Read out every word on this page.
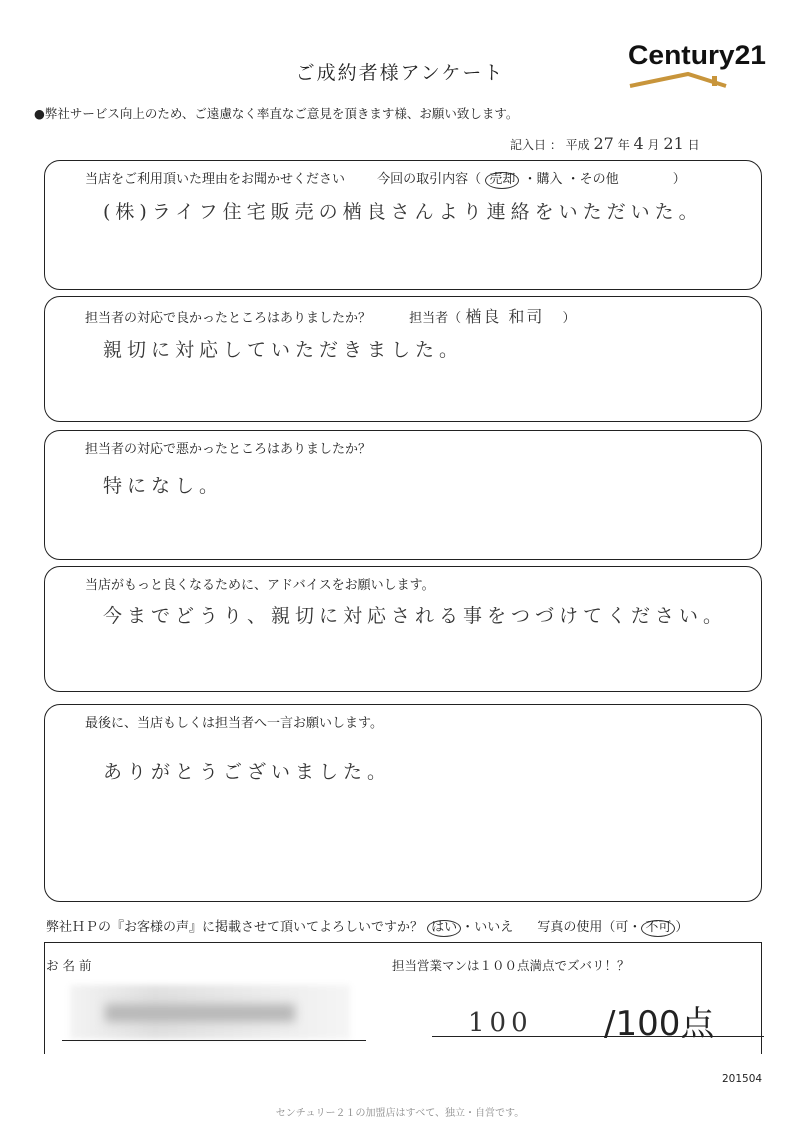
ご成約者様アンケート
Century21
●弊社サービス向上のため、ご遠慮なく率直なご意見を頂きます様、お願い致します。
記入日 ： 平成 27 年 4 月 21 日
当店をご利用頂いた理由をお聞かせください 今回の取引内容（ 売却 ・購入 ・その他	）
(株)ライフ住宅販売の楢良さんより連絡をいただいた。
担当者の対応で良かったところはありましたか？	担当者（ 楢良 和司 ）
親切に対応していただきました。
担当者の対応で悪かったところはありましたか？
特になし。
当店がもっと良くなるために、アドバイスをお願いします。
今までどうり、親切に対応される事をつづけてください。
最後に、当店もしくは担当者へ一言お願いします。
ありがとうございました。
弊社ＨＰの『お客様の声』に掲載させて頂いてよろしいですか？ はい ・いいえ 写真の使用（可・ 不可 ）
お 名 前	担当営業マンは１００点満点でズバリ！？
100 /100点
201504
センチュリー２１の加盟店はすべて、独立・自営です。
